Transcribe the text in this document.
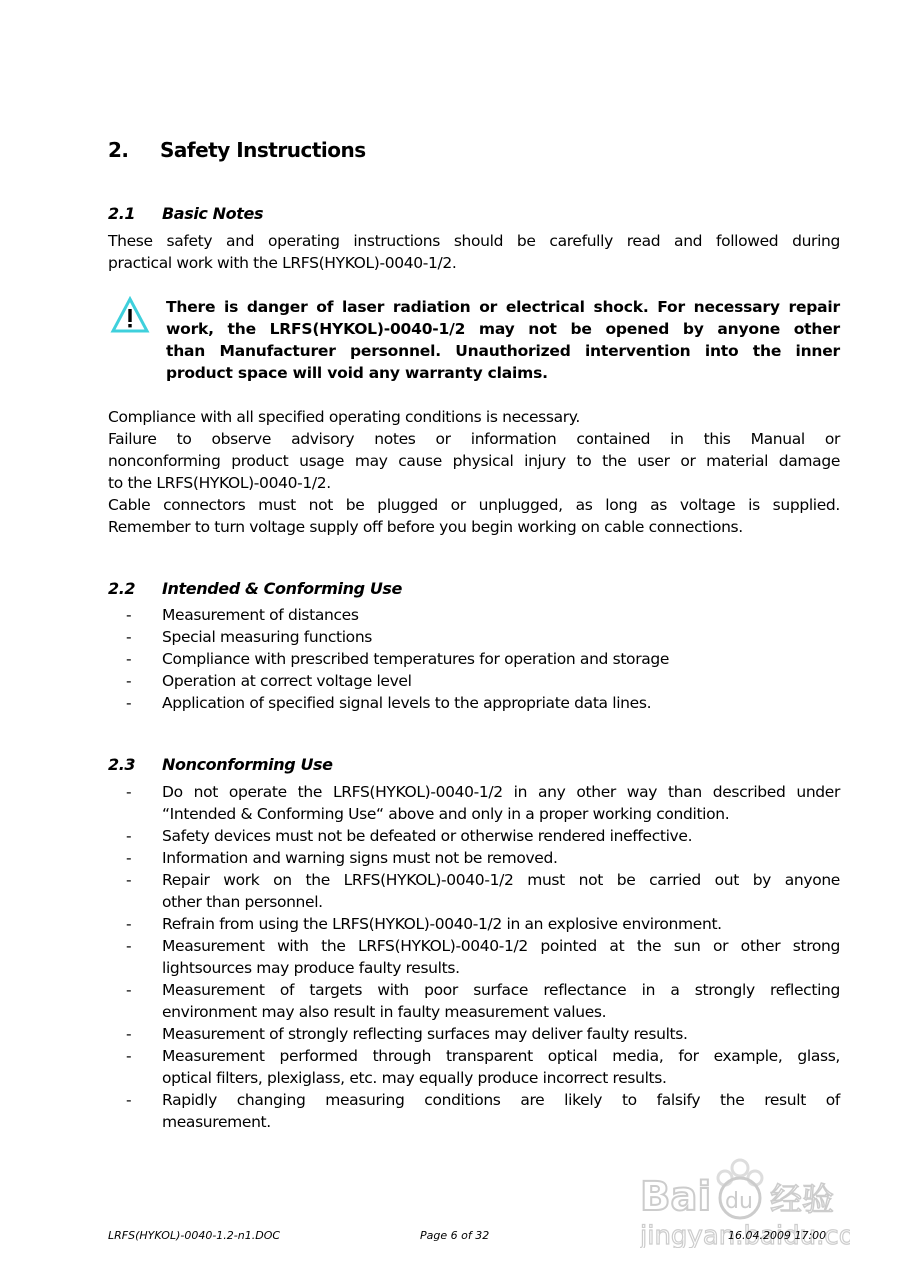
2. Safety Instructions
2.1 Basic Notes
These safety and operating instructions should be carefully read and followed during
practical work with the LRFS(HYKOL)-0040-1/2.
There is danger of laser radiation or electrical shock. For necessary repair
work, the LRFS(HYKOL)-0040-1/2 may not be opened by anyone other
than Manufacturer personnel. Unauthorized intervention into the inner
product space will void any warranty claims.
Compliance with all specified operating conditions is necessary.
Failure to observe advisory notes or information contained in this Manual or
nonconforming product usage may cause physical injury to the user or material damage
to the LRFS(HYKOL)-0040-1/2.
Cable connectors must not be plugged or unplugged, as long as voltage is supplied.
Remember to turn voltage supply off before you begin working on cable connections.
2.2 Intended & Conforming Use
- Measurement of distances
- Special measuring functions
- Compliance with prescribed temperatures for operation and storage
- Operation at correct voltage level
- Application of specified signal levels to the appropriate data lines.
2.3 Nonconforming Use
- Do not operate the LRFS(HYKOL)-0040-1/2 in any other way than described under
“Intended & Conforming Use“ above and only in a proper working condition.
- Safety devices must not be defeated or otherwise rendered ineffective.
- Information and warning signs must not be removed.
- Repair work on the LRFS(HYKOL)-0040-1/2 must not be carried out by anyone
other than personnel.
- Refrain from using the LRFS(HYKOL)-0040-1/2 in an explosive environment.
- Measurement with the LRFS(HYKOL)-0040-1/2 pointed at the sun or other strong
lightsources may produce faulty results.
- Measurement of targets with poor surface reflectance in a strongly reflecting
environment may also result in faulty measurement values.
- Measurement of strongly reflecting surfaces may deliver faulty results.
- Measurement performed through transparent optical media, for example, glass,
optical filters, plexiglass, etc. may equally produce incorrect results.
- Rapidly changing measuring conditions are likely to falsify the result of
measurement.
Bai du 经验
jingyan.baidu.co
LRFS(HYKOL)-0040-1.2-n1.DOC	Page 6 of 32	16.04.2009 17:00
